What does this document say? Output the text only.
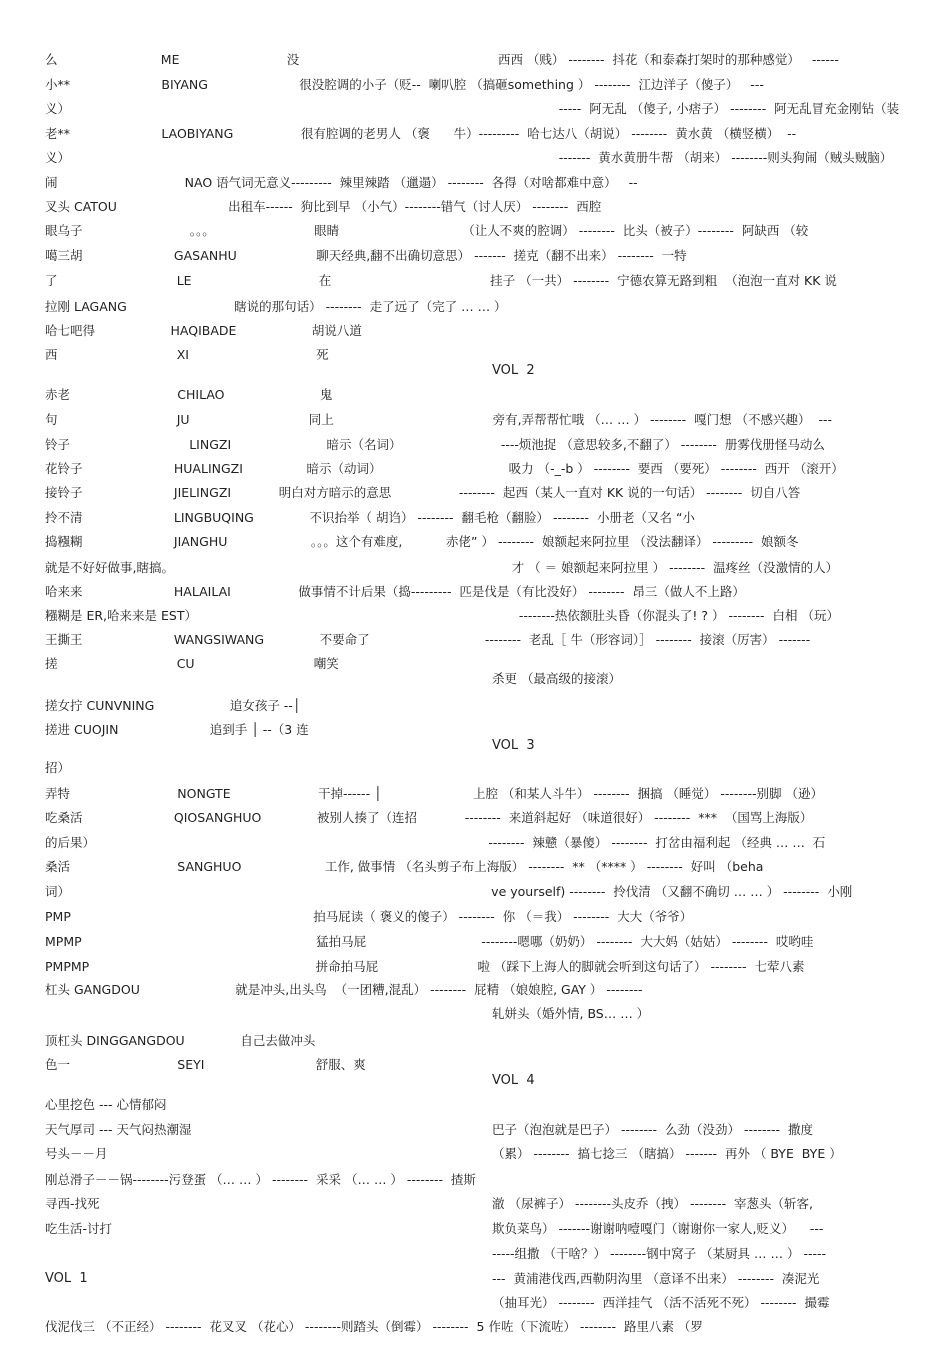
么                          ME                           没                                                  西西 （贱） --------  抖花（和泰森打架时的那种感觉）   ------
小**                       BIYANG                       很没腔调的小子（贬--  喇叭腔 （搞砸something ） --------  江边洋子（傻子）   ---
义）                                                                                                                           -----  阿无乱 （傻子, 小痞子） --------  阿无乱冒充金刚钻（装
老**                       LAOBIYANG                 很有腔调的老男人 （褒      牛）---------  哈七达八（胡说） --------  黄水黄 （横竖横）  --
义）                                                                                                                           -------  黄水黄册牛帮 （胡来） --------则头狗闹（贼头贼脑）
闹                                NAO 语气词无意义---------  辣里辣踏 （邋遢） --------  各得（对啥都难中意）   --
叉头 CATOU                            出租车------  狗比到早 （小气）--------错气（讨人厌） --------  西腔
眼乌子                           。。。                         眼睛                               （让人不爽的腔调） --------  比头（被子）--------  阿缺西 （较
噶三胡                       GASANHU                    聊天经典,翻不出确切意思） -------  搓克（翻不出来） --------  一特
了                              LE                                在                                        挂子 （一共） --------  宁德农算无路到粗  （泡泡一直对 KK 说
拉刚 LAGANG                           瞎说的那句话） --------  走了远了（完了 … … ）
哈七吧得                   HAQIBADE                   胡说八道
西                              XI                                死
VOL  2
赤老                           CHILAO                        鬼
句                              JU                              同上                                        旁有,弄帮帮忙哦 （… … ） --------  嘎门想 （不感兴趣）  ---
铃子                              LINGZI                        暗示（名词）                         ----烦池捉 （意思较多,不翻了） --------  册雾伐册怪马动么
花铃子                       HUALINGZI                暗示（动词）                                吸力 （-_-b ） --------  要西 （要死） --------  西开 （滚开）
接铃子                       JIELINGZI            明白对方暗示的意思                 --------  起西（某人一直对 KK 说的一句话） --------  切自八答
拎不清                       LINGBUQING              不识抬举（ 胡诌） --------  翻毛枪（翻脸） --------  小册老（又名 “小
捣糨糊                       JIANGHU                     。。。这个有难度,           赤佬” ） --------  娘额起来阿拉里 （没法翻译） ---------  娘额冬
就是不好好做事,瞎搞。                                                                                     才 （ ＝ 娘额起来阿拉里 ） --------  温疼丝（没激情的人）
哈来来                       HALAILAI                 做事情不计后果（捣---------  匹是伐是（有比没好） --------  昂三（做人不上路）
糨糊是 ER,哈来来是 EST）                                                                                 --------热依额肚头昏（你混头了! ? ） --------  白相 （玩）
王撕王                       WANGSIWANG              不要命了                             --------  老乱［ 牛（形容词）］ --------  接滚（厉害） -------
搓                              CU                              嘲笑
杀更 （最高级的接滚）
搓女拧 CUNVNING                   追女孩子 --│
搓进 CUOJIN                       追到手 │ --（3 连
VOL  3
招）
弄特                           NONGTE                      干掉------ │                       上腔 （和某人斗牛） --------  捆搞 （睡觉） --------别脚 （逊）
吃桑活                       QIOSANGHUO              被别人揍了（连招            --------  来道斜起好 （味道很好） --------  ***  （国骂上海版）
的后果）                                                                                                   --------  辣戆（暴傻） --------  打岔由福利起 （经典 … …  石
桑活                           SANGHUO                     工作, 做事情 （名头剪子布上海版） --------  ** （**** ） --------  好叫 （beha
词）                                                                                                          ve yourself) --------  拎伐清 （又翻不确切 … … ） --------  小刚
PMP                                                             拍马屁读（ 褒义的傻子） --------  你 （＝我） --------  大大（爷爷）
MPMP                                                           猛拍马屁                             --------嗯哪（奶奶） --------  大大妈（姑姑） --------  哎哟哇
PMPMP                                                         拼命拍马屁                         啦 （踩下上海人的脚就会听到这句话了） --------  七荤八素
杠头 GANGDOU                        就是冲头,出头鸟  （一团糟,混乱） --------  屁精 （娘娘腔, GAY ） --------
轧姘头（婚外情, BS… … ）
顶杠头 DINGGANGDOU              自己去做冲头
色一                           SEYI                            舒服、爽
VOL  4
心里挖色 --- 心情郁闷
天气厚司 --- 天气闷热潮湿
号头－－月
刚总滑子－－锅--------污登蛋 （… … ） --------  采采 （… … ） --------  揸斯
寻西-找死
吃生活-讨打
巴子（泡泡就是巴子） --------  么劲（没劲） --------  撒度
（累） --------  搞七捻三 （瞎搞） -------  再外 （ BYE  BYE ）
澈 （尿裤子） --------头皮乔（拽） --------  宰葱头（斩客,
欺负菜鸟） -------谢谢呐噎嘎门（谢谢你一家人,贬义）    ---
-----组撒 （干啥？） --------钢中窝子 （某厨具 … … ） -----
VOL  1	---  黄浦港伐西,西勒阴沟里 （意译不出来） --------  凑泥光
（抽耳光） --------  西洋挂气 （活不活死不死） --------  撮霉
伐泥伐三 （不正经） --------  花叉叉 （花心） --------则踏头（倒霉） --------  5 作咗（下流咗） --------  路里八素 （罗
